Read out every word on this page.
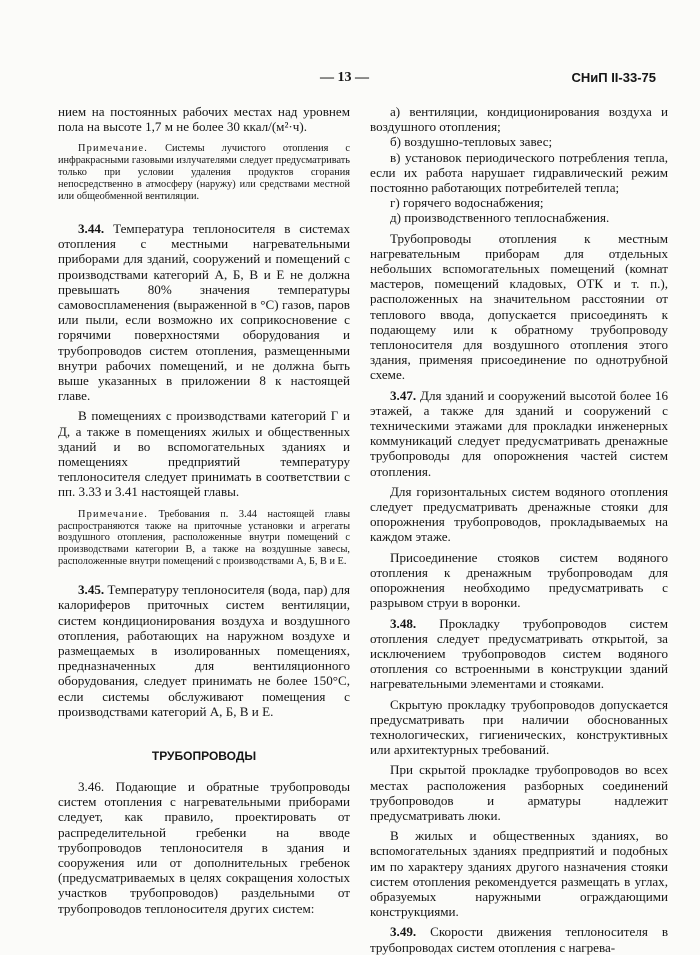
— 13 —	СНиП II-33-75

нием на постоянных рабочих местах над уровнем пола на высоте 1,7 м не более 30 ккал/(м²·ч).

Примечание. Системы лучистого отопления с инфракрасными газовыми излучателями следует предусматривать только при условии удаления продуктов сгорания непосредственно в атмосферу (наружу) или средствами местной или общеобменной вентиляции.

3.44. Температура теплоносителя в системах отопления с местными нагревательными приборами для зданий, сооружений и помещений с производствами категорий А, Б, В и Е не должна превышать 80% значения температуры самовоспламенения (выраженной в °С) газов, паров или пыли, если возможно их соприкосновение с горячими поверхностями оборудования и трубопроводов систем отопления, размещенными внутри рабочих помещений, и не должна быть выше указанных в приложении 8 к настоящей главе.

В помещениях с производствами категорий Г и Д, а также в помещениях жилых и общественных зданий и во вспомогательных зданиях и помещениях предприятий температуру теплоносителя следует принимать в соответствии с пп. 3.33 и 3.41 настоящей главы.

Примечание. Требования п. 3.44 настоящей главы распространяются также на приточные установки и агрегаты воздушного отопления, расположенные внутри помещений с производствами категории В, а также на воздушные завесы, расположенные внутри помещений с производствами А, Б, В и Е.

3.45. Температуру теплоносителя (вода, пар) для калориферов приточных систем вентиляции, систем кондиционирования воздуха и воздушного отопления, работающих на наружном воздухе и размещаемых в изолированных помещениях, предназначенных для вентиляционного оборудования, следует принимать не более 150°С, если системы обслуживают помещения с производствами категорий А, Б, В и Е.

ТРУБОПРОВОДЫ

3.46. Подающие и обратные трубопроводы систем отопления с нагревательными приборами следует, как правило, проектировать от распределительной гребенки на вводе трубопроводов теплоносителя в здания и сооружения или от дополнительных гребенок (предусматриваемых в целях сокращения холостых участков трубопроводов) раздельными от трубопроводов теплоносителя других систем:

а) вентиляции, кондиционирования воздуха и воздушного отопления;

б) воздушно-тепловых завес;

в) установок периодического потребления тепла, если их работа нарушает гидравлический режим постоянно работающих потребителей тепла;

г) горячего водоснабжения;

д) производственного теплоснабжения.

Трубопроводы отопления к местным нагревательным приборам для отдельных небольших вспомогательных помещений (комнат мастеров, помещений кладовых, ОТК и т. п.), расположенных на значительном расстоянии от теплового ввода, допускается присоединять к подающему или к обратному трубопроводу теплоносителя для воздушного отопления этого здания, применяя присоединение по однотрубной схеме.

3.47. Для зданий и сооружений высотой более 16 этажей, а также для зданий и сооружений с техническими этажами для прокладки инженерных коммуникаций следует предусматривать дренажные трубопроводы для опорожнения частей систем отопления.

Для горизонтальных систем водяного отопления следует предусматривать дренажные стояки для опорожнения трубопроводов, прокладываемых на каждом этаже.

Присоединение стояков систем водяного отопления к дренажным трубопроводам для опорожнения необходимо предусматривать с разрывом струи в воронки.

3.48. Прокладку трубопроводов систем отопления следует предусматривать открытой, за исключением трубопроводов систем водяного отопления со встроенными в конструкции зданий нагревательными элементами и стояками.

Скрытую прокладку трубопроводов допускается предусматривать при наличии обоснованных технологических, гигиенических, конструктивных или архитектурных требований.

При скрытой прокладке трубопроводов во всех местах расположения разборных соединений трубопроводов и арматуры надлежит предусматривать люки.

В жилых и общественных зданиях, во вспомогательных зданиях предприятий и подобных им по характеру зданиях другого назначения стояки систем отопления рекомендуется размещать в углах, образуемых наружными ограждающими конструкциями.

3.49. Скорости движения теплоносителя в трубопроводах систем отопления с нагрева-
